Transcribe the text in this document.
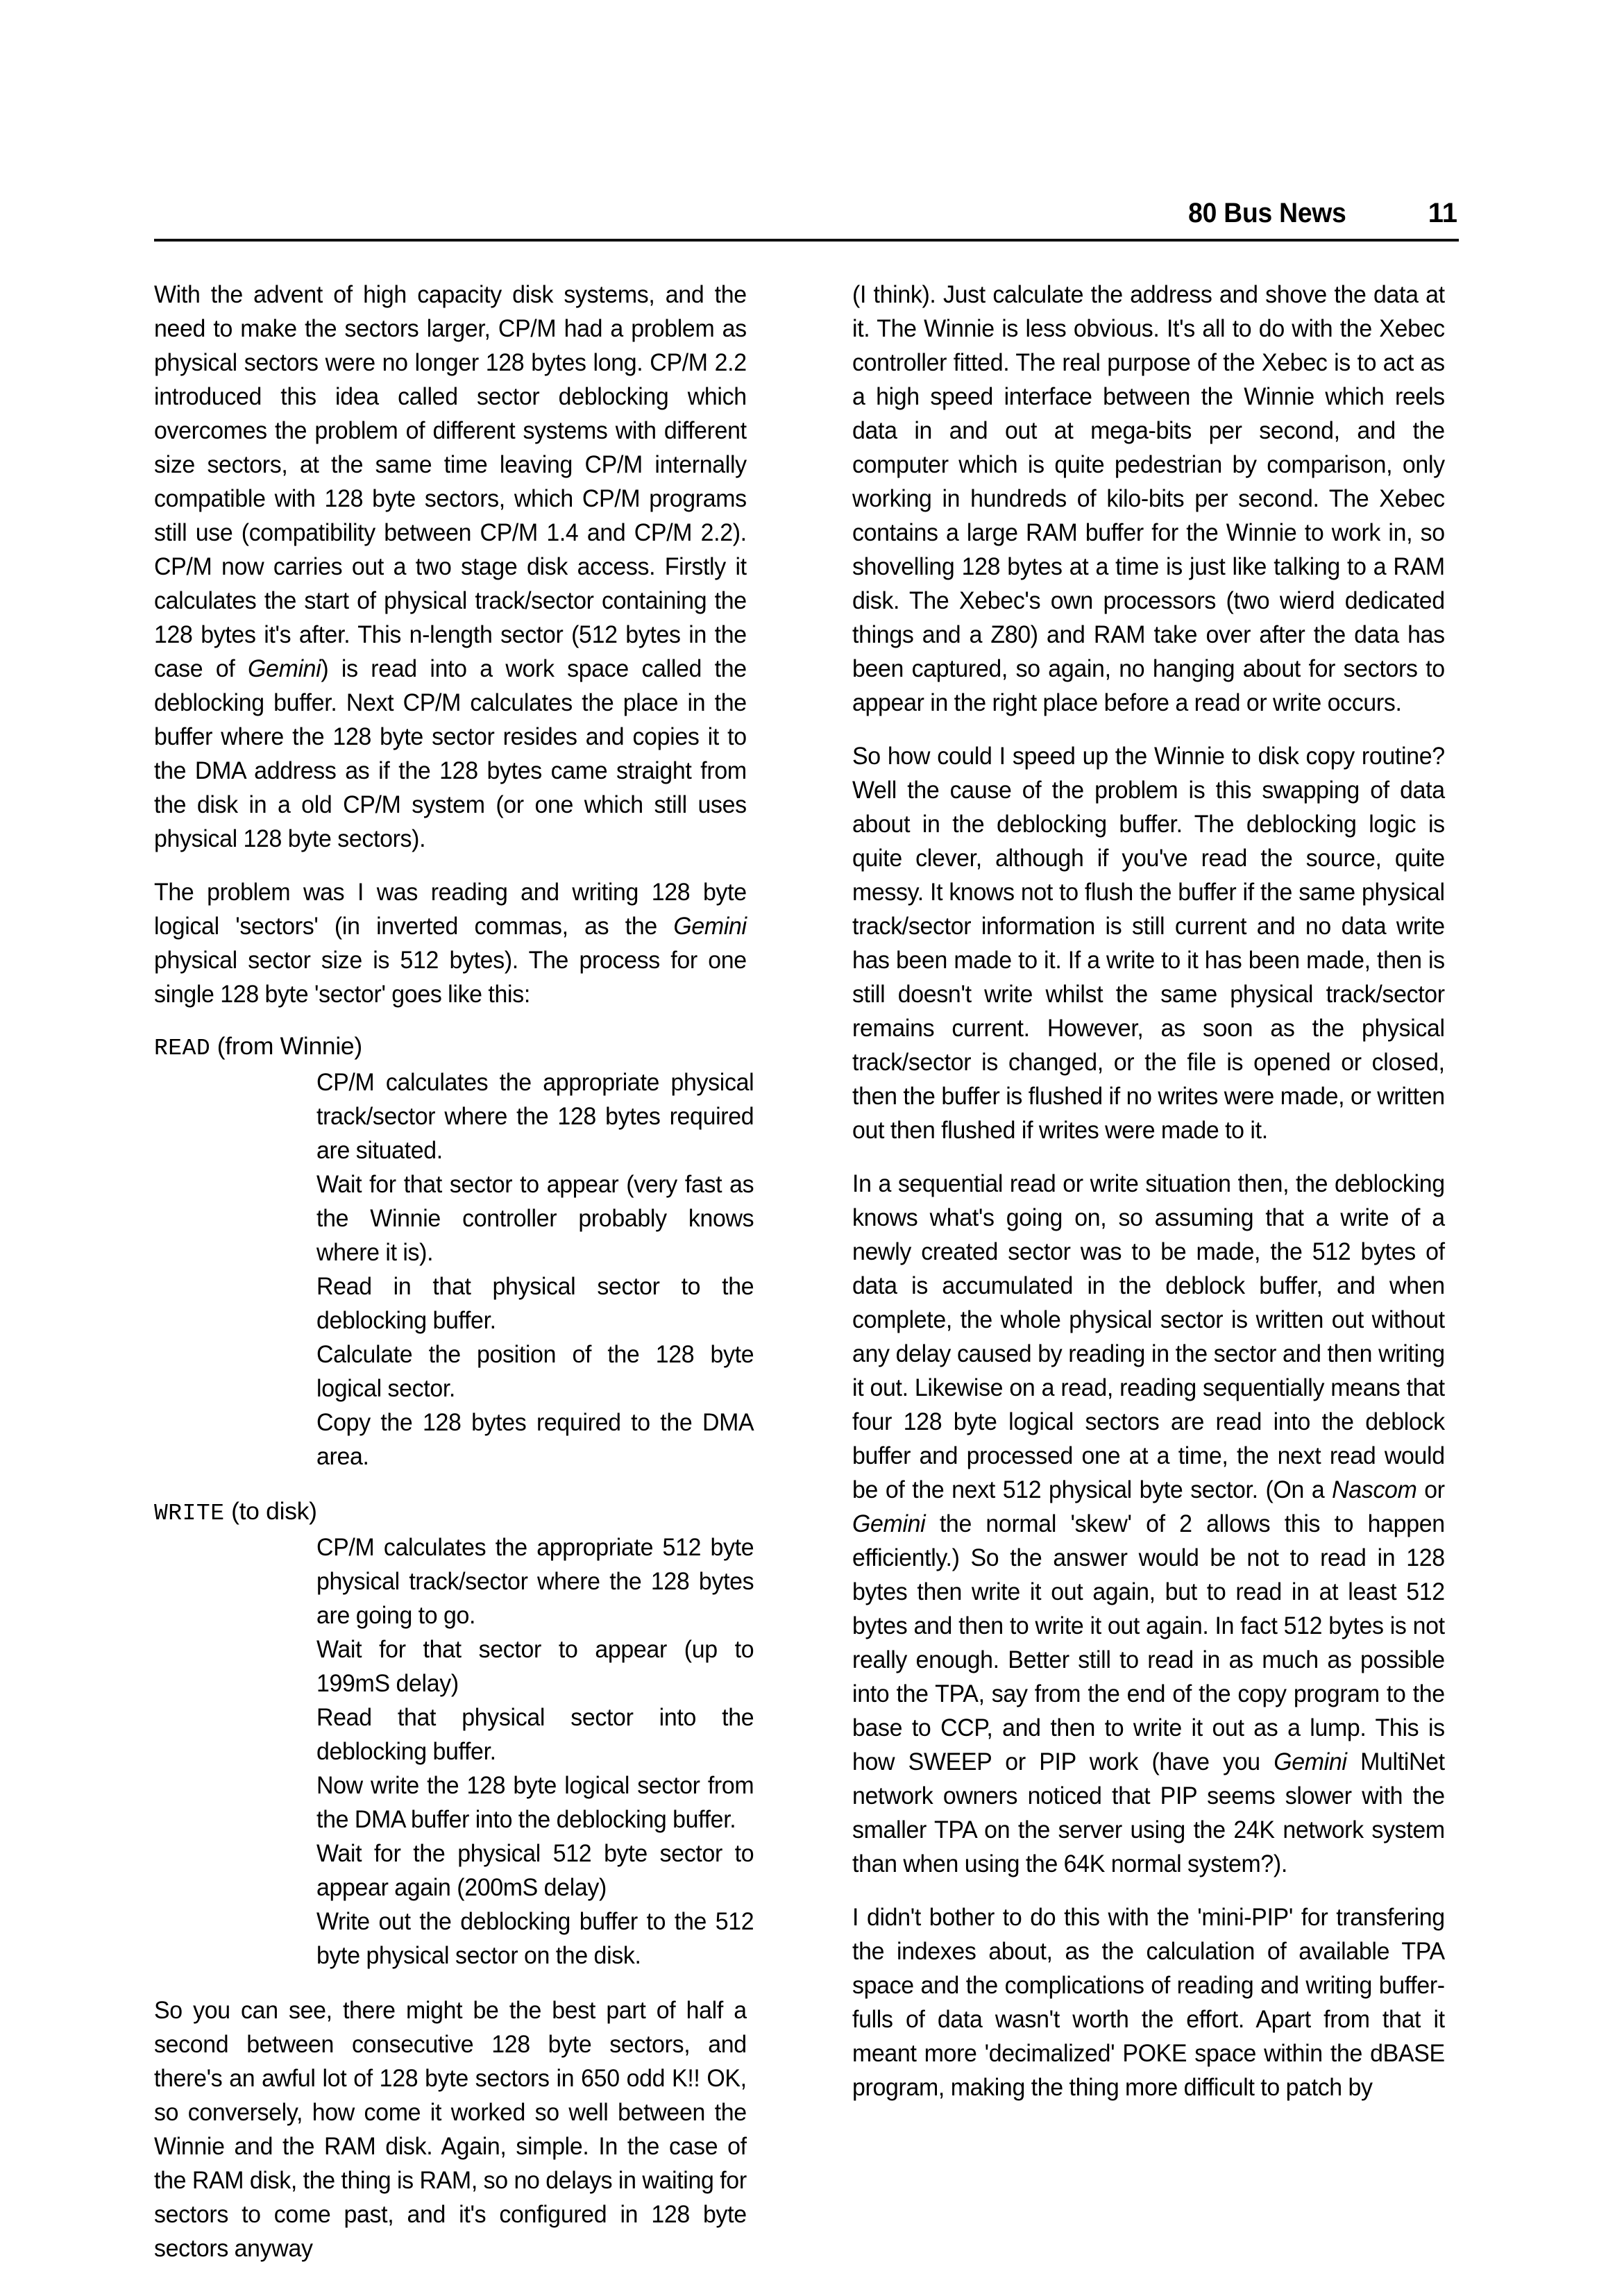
80 Bus News	11

With the advent of high capacity disk systems, and the need to make the sectors larger, CP/M had a problem as physical sectors were no longer 128 bytes long. CP/M 2.2 introduced this idea called sector deblocking which overcomes the problem of different systems with different size sectors, at the same time leaving CP/M internally compatible with 128 byte sectors, which CP/M programs still use (compatibility between CP/M 1.4 and CP/M 2.2). CP/M now carries out a two stage disk access. Firstly it calculates the start of physical track/sector containing the 128 bytes it's after. This n-length sector (512 bytes in the case of Gemini) is read into a work space called the deblocking buffer. Next CP/M calculates the place in the buffer where the 128 byte sector resides and copies it to the DMA address as if the 128 bytes came straight from the disk in a old CP/M system (or one which still uses physical 128 byte sectors).

The problem was I was reading and writing 128 byte logical 'sectors' (in inverted commas, as the Gemini physical sector size is 512 bytes). The process for one single 128 byte 'sector' goes like this:

READ (from Winnie)
CP/M calculates the appropriate physical track/sector where the 128 bytes required are situated.
Wait for that sector to appear (very fast as the Winnie controller probably knows where it is).
Read in that physical sector to the deblocking buffer.
Calculate the position of the 128 byte logical sector.
Copy the 128 bytes required to the DMA area.
WRITE (to disk)
CP/M calculates the appropriate 512 byte physical track/sector where the 128 bytes are going to go.
Wait for that sector to appear (up to 199mS delay)
Read that physical sector into the deblocking buffer.
Now write the 128 byte logical sector from the DMA buffer into the deblocking buffer.
Wait for the physical 512 byte sector to appear again (200mS delay)
Write out the deblocking buffer to the 512 byte physical sector on the disk.

So you can see, there might be the best part of half a second between consecutive 128 byte sectors, and there's an awful lot of 128 byte sectors in 650 odd K!! OK, so conversely, how come it worked so well between the Winnie and the RAM disk. Again, simple. In the case of the RAM disk, the thing is RAM, so no delays in waiting for sectors to come past, and it's configured in 128 byte sectors anyway

(I think). Just calculate the address and shove the data at it. The Winnie is less obvious. It's all to do with the Xebec controller fitted. The real purpose of the Xebec is to act as a high speed interface between the Winnie which reels data in and out at mega-bits per second, and the computer which is quite pedestrian by comparison, only working in hundreds of kilo-bits per second. The Xebec contains a large RAM buffer for the Winnie to work in, so shovelling 128 bytes at a time is just like talking to a RAM disk. The Xebec's own processors (two wierd dedicated things and a Z80) and RAM take over after the data has been captured, so again, no hanging about for sectors to appear in the right place before a read or write occurs.

So how could I speed up the Winnie to disk copy routine? Well the cause of the problem is this swapping of data about in the deblocking buffer. The deblocking logic is quite clever, although if you've read the source, quite messy. It knows not to flush the buffer if the same physical track/sector information is still current and no data write has been made to it. If a write to it has been made, then is still doesn't write whilst the same physical track/sector remains current. However, as soon as the physical track/sector is changed, or the file is opened or closed, then the buffer is flushed if no writes were made, or written out then flushed if writes were made to it.

In a sequential read or write situation then, the deblocking knows what's going on, so assuming that a write of a newly created sector was to be made, the 512 bytes of data is accumulated in the deblock buffer, and when complete, the whole physical sector is written out without any delay caused by reading in the sector and then writing it out. Likewise on a read, reading sequentially means that four 128 byte logical sectors are read into the deblock buffer and processed one at a time, the next read would be of the next 512 physical byte sector. (On a Nascom or Gemini the normal 'skew' of 2 allows this to happen efficiently.) So the answer would be not to read in 128 bytes then write it out again, but to read in at least 512 bytes and then to write it out again. In fact 512 bytes is not really enough. Better still to read in as much as possible into the TPA, say from the end of the copy program to the base to CCP, and then to write it out as a lump. This is how SWEEP or PIP work (have you Gemini MultiNet network owners noticed that PIP seems slower with the smaller TPA on the server using the 24K network system than when using the 64K normal system?).

I didn't bother to do this with the 'mini-PIP' for transfering the indexes about, as the calculation of available TPA space and the complications of reading and writing buffer-fulls of data wasn't worth the effort. Apart from that it meant more 'decimalized' POKE space within the dBASE program, making the thing more difficult to patch by
